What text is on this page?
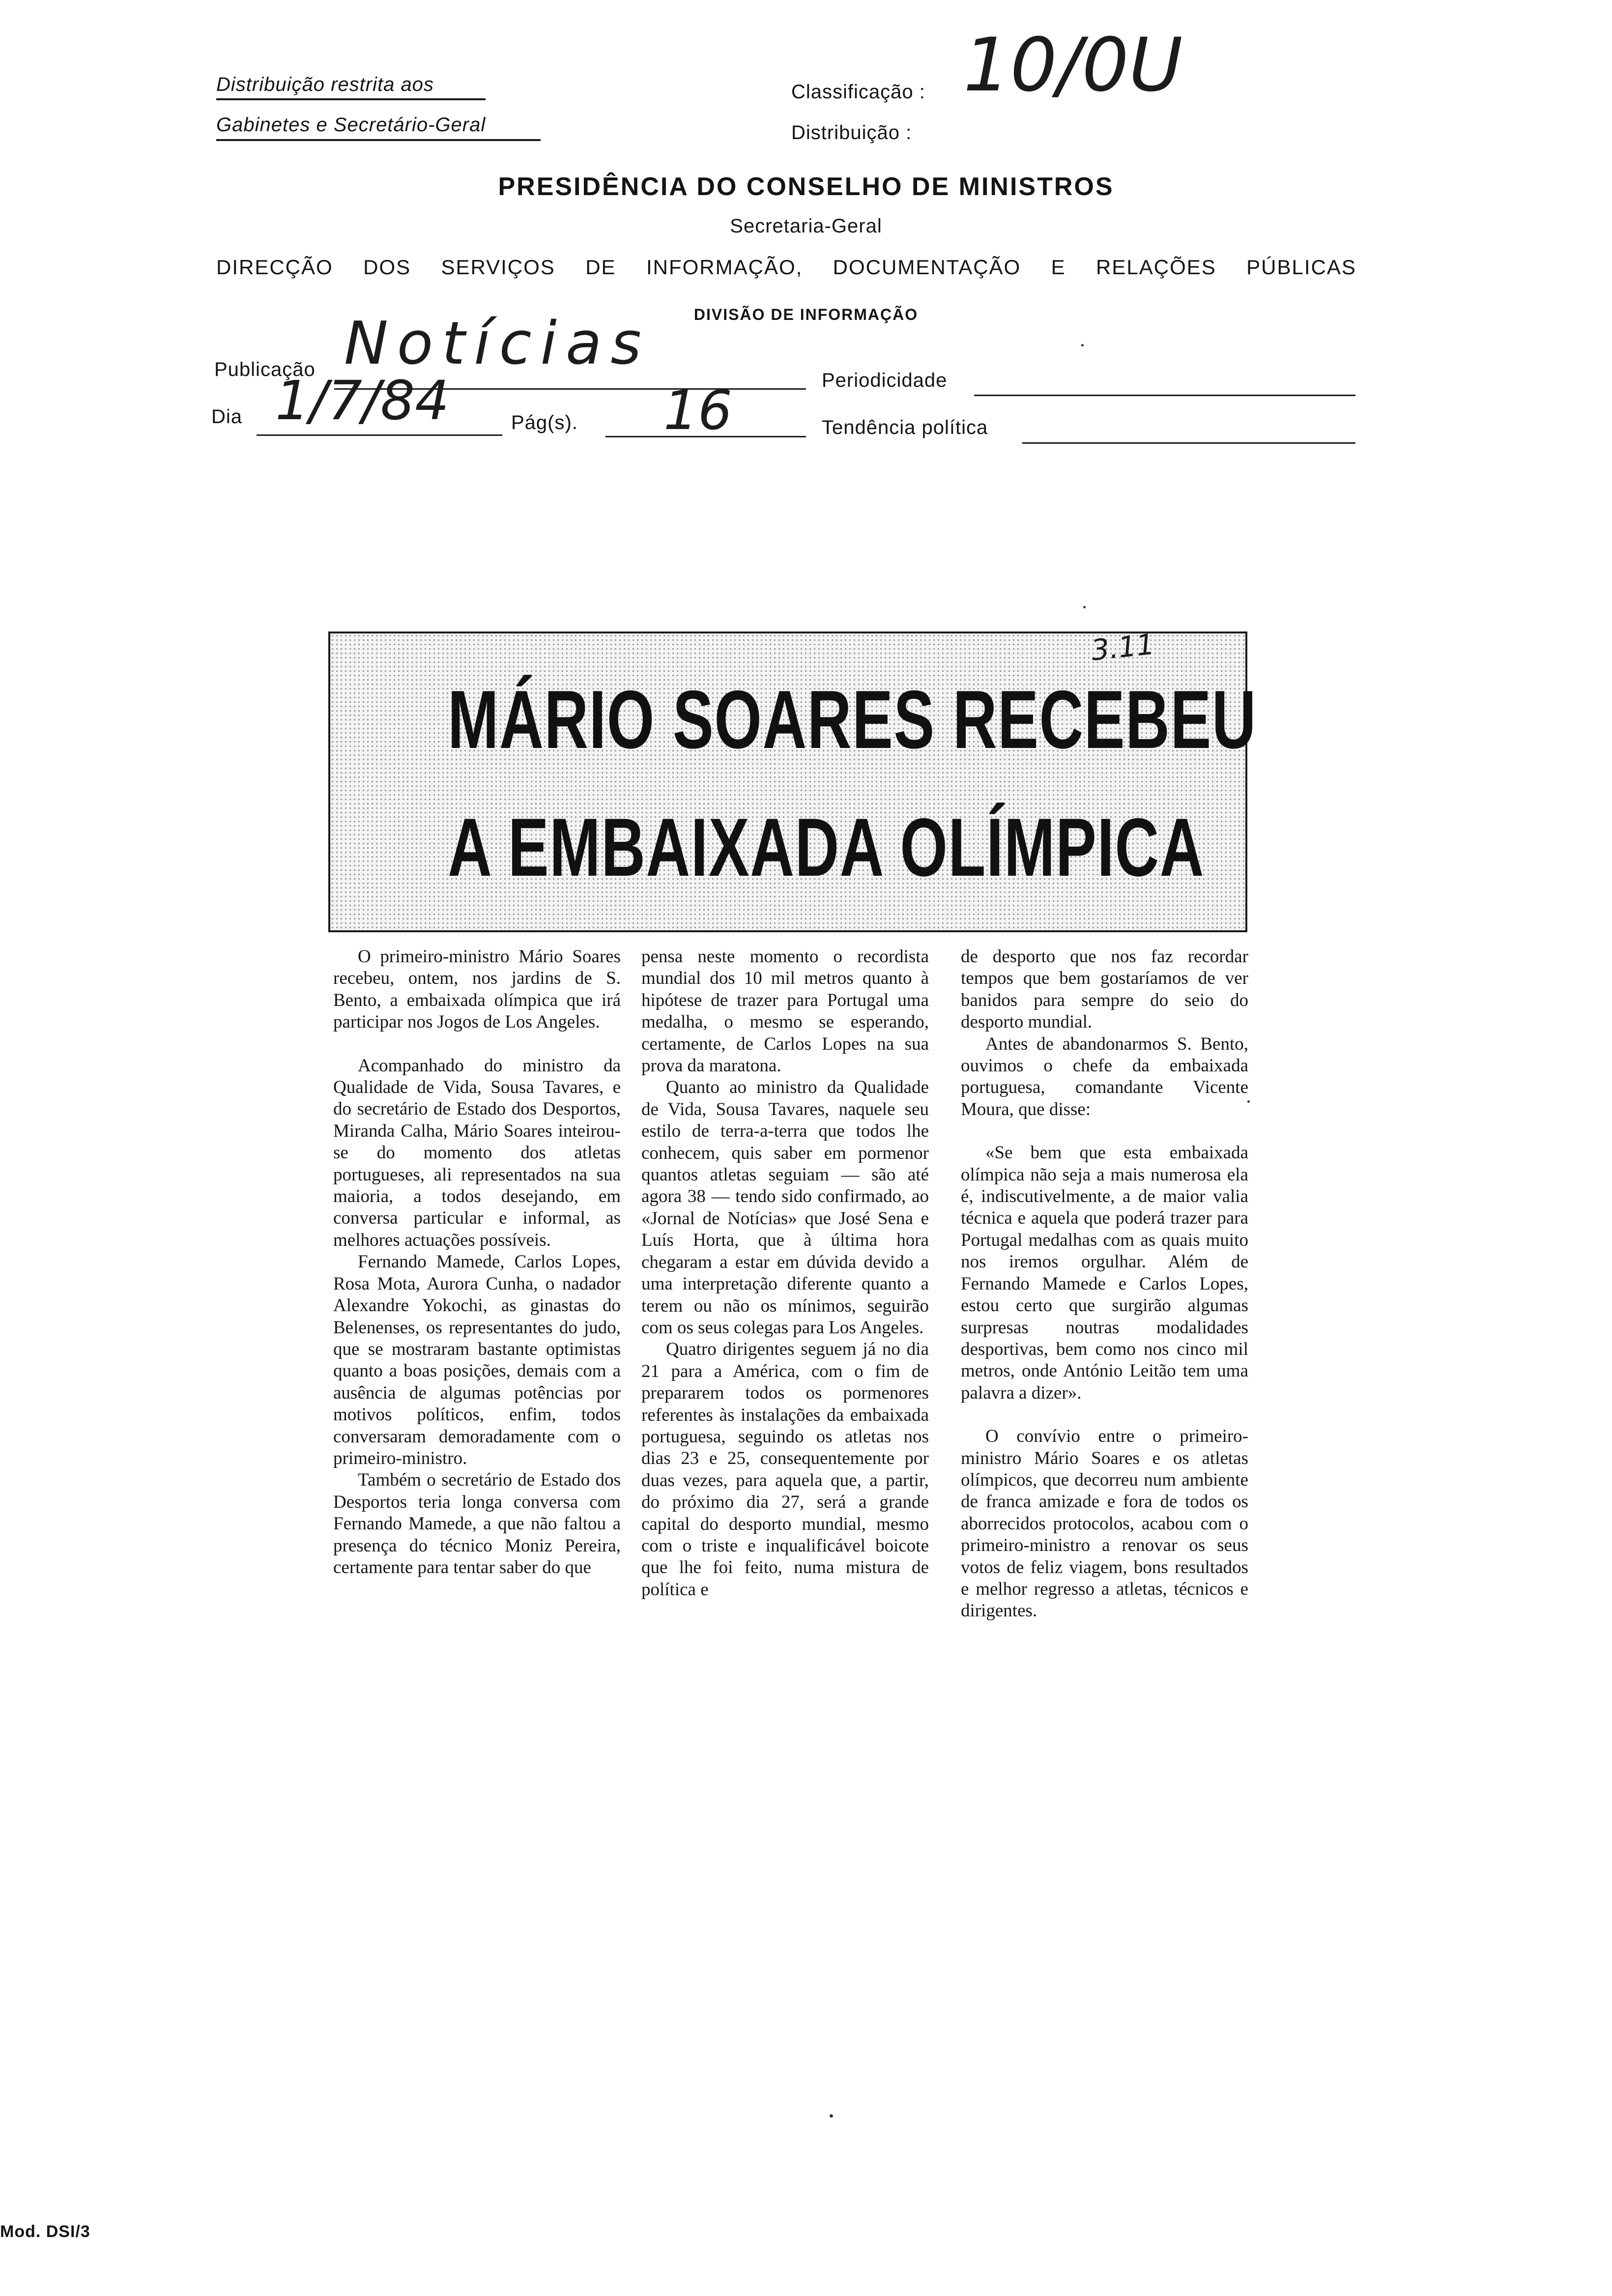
Distribuição restrita aos
Gabinetes e Secretário-Geral
Classificação : 10/0U
Distribuição :
PRESIDÊNCIA DO CONSELHO DE MINISTROS
Secretaria-Geral
DIRECÇÃO DOS SERVIÇOS DE INFORMAÇÃO, DOCUMENTAÇÃO E RELAÇÕES PÚBLICAS
DIVISÃO DE INFORMAÇÃO
Publicação Notícias
Periodicidade
Dia 1/7/84	Pág(s). 16	Tendência política
3.11
MÁRIO SOARES RECEBEU
A EMBAIXADA OLÍMPICA

O primeiro-ministro Mário Soares recebeu, ontem, nos jardins de S. Bento, a embaixada olímpica que irá participar nos Jogos de Los Angeles.

Acompanhado do ministro da Qualidade de Vida, Sousa Tavares, e do secretário de Estado dos Desportos, Miranda Calha, Mário Soares inteirou-se do momento dos atletas portugueses, ali representados na sua maioria, a todos desejando, em conversa particular e informal, as melhores actuações possíveis.

Fernando Mamede, Carlos Lopes, Rosa Mota, Aurora Cunha, o nadador Alexandre Yokochi, as ginastas do Belenenses, os representantes do judo, que se mostraram bastante optimistas quanto a boas posições, demais com a ausência de algumas potências por motivos políticos, enfim, todos conversaram demoradamente com o primeiro-ministro.

Também o secretário de Estado dos Desportos teria longa conversa com Fernando Mamede, a que não faltou a presença do técnico Moniz Pereira, certamente para tentar saber do que

pensa neste momento o recordista mundial dos 10 mil metros quanto à hipótese de trazer para Portugal uma medalha, o mesmo se esperando, certamente, de Carlos Lopes na sua prova da maratona.

Quanto ao ministro da Qualidade de Vida, Sousa Tavares, naquele seu estilo de terra-a-terra que todos lhe conhecem, quis saber em pormenor quantos atletas seguiam — são até agora 38 — tendo sido confirmado, ao «Jornal de Notícias» que José Sena e Luís Horta, que à última hora chegaram a estar em dúvida devido a uma interpretação diferente quanto a terem ou não os mínimos, seguirão com os seus colegas para Los Angeles.

Quatro dirigentes seguem já no dia 21 para a América, com o fim de prepararem todos os pormenores referentes às instalações da embaixada portuguesa, seguindo os atletas nos dias 23 e 25, consequentemente por duas vezes, para aquela que, a partir, do próximo dia 27, será a grande capital do desporto mundial, mesmo com o triste e inqualificável boicote que lhe foi feito, numa mistura de política e

de desporto que nos faz recordar tempos que bem gostaríamos de ver banidos para sempre do seio do desporto mundial.

Antes de abandonarmos S. Bento, ouvimos o chefe da embaixada portuguesa, comandante Vicente Moura, que disse:

«Se bem que esta embaixada olímpica não seja a mais numerosa ela é, indiscutivelmente, a de maior valia técnica e aquela que poderá trazer para Portugal medalhas com as quais muito nos iremos orgulhar. Além de Fernando Mamede e Carlos Lopes, estou certo que surgirão algumas surpresas noutras modalidades desportivas, bem como nos cinco mil metros, onde António Leitão tem uma palavra a dizer».

O convívio entre o primeiro-ministro Mário Soares e os atletas olímpicos, que decorreu num ambiente de franca amizade e fora de todos os aborrecidos protocolos, acabou com o primeiro-ministro a renovar os seus votos de feliz viagem, bons resultados e melhor regresso a atletas, técnicos e dirigentes.

Mod. DSI/3
